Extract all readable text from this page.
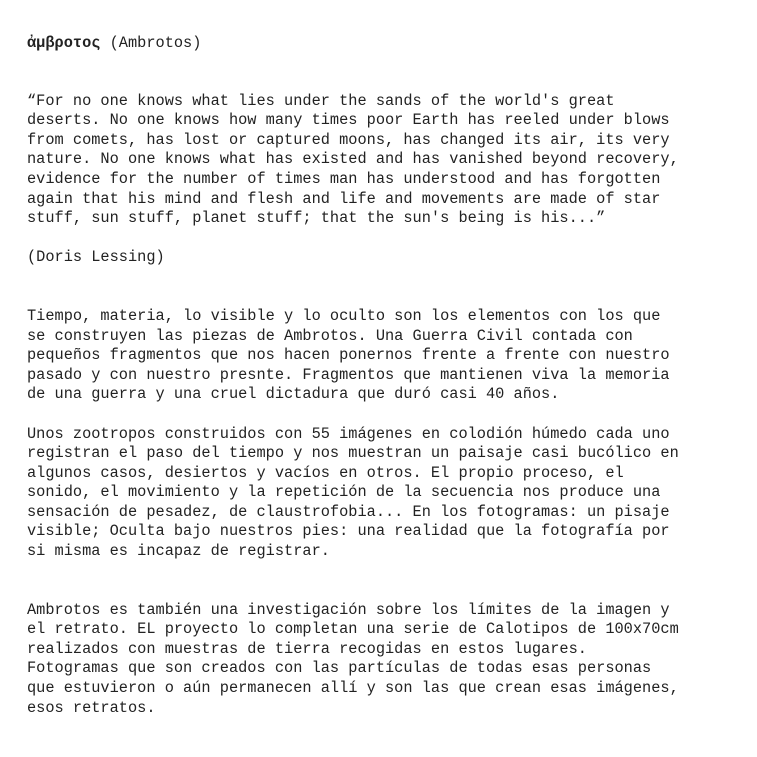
ἀμβροτος (Ambrotos)

“For no one knows what lies under the sands of the world's great
deserts. No one knows how many times poor Earth has reeled under blows
from comets, has lost or captured moons, has changed its air, its very
nature. No one knows what has existed and has vanished beyond recovery,
evidence for the number of times man has understood and has forgotten
again that his mind and flesh and life and movements are made of star
stuff, sun stuff, planet stuff; that the sun's being is his...”

(Doris Lessing)

Tiempo, materia, lo visible y lo oculto son los elementos con los que
se construyen las piezas de Ambrotos. Una Guerra Civil contada con
pequeños fragmentos que nos hacen ponernos frente a frente con nuestro
pasado y con nuestro presnte. Fragmentos que mantienen viva la memoria
de una guerra y una cruel dictadura que duró casi 40 años.

Unos zootropos construidos con 55 imágenes en colodión húmedo cada uno
registran el paso del tiempo y nos muestran un paisaje casi bucólico en
algunos casos, desiertos y vacíos en otros. El propio proceso, el
sonido, el movimiento y la repetición de la secuencia nos produce una
sensación de pesadez, de claustrofobia... En los fotogramas: un pisaje
visible; Oculta bajo nuestros pies: una realidad que la fotografía por
si misma es incapaz de registrar.

Ambrotos es también una investigación sobre los límites de la imagen y
el retrato. EL proyecto lo completan una serie de Calotipos de 100x70cm
realizados con muestras de tierra recogidas en estos lugares.
Fotogramas que son creados con las partículas de todas esas personas
que estuvieron o aún permanecen allí y son las que crean esas imágenes,
esos retratos.
